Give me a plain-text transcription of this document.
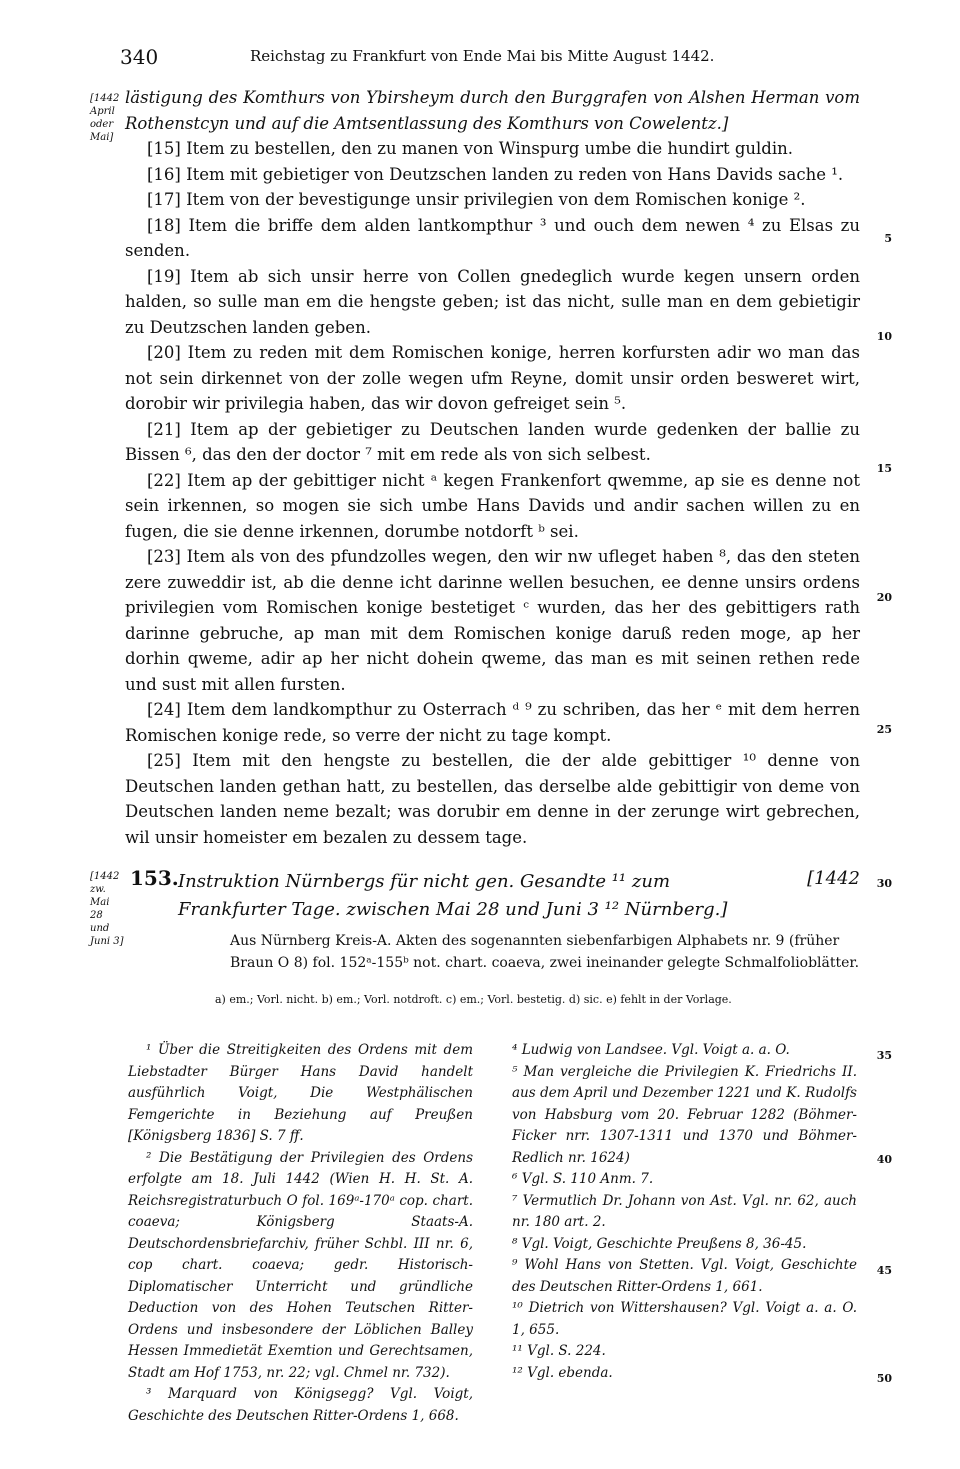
340	Reichstag zu Frankfurt von Ende Mai bis Mitte August 1442.
[1442 April oder Mai]
[1442 zw. Mai 28 und Juni 3]

lästigung des Komthurs von Ybirsheym durch den Burggrafen von Alshen Herman vom Rothenstcyn und auf die Amtsentlassung des Komthurs von Cowelentz.]

[15] Item zu bestellen, den zu manen von Winspurg umbe die hundirt guldin.

[16] Item mit gebietiger von Deutzschen landen zu reden von Hans Davids sache ¹.

[17] Item von der bevestigunge unsir privilegien von dem Romischen konige ².

[18] Item die briffe dem alden lantkompthur ³ und ouch dem newen ⁴ zu Elsas zu senden.

[19] Item ab sich unsir herre von Collen gnedeglich wurde kegen unsern orden halden, so sulle man em die hengste geben; ist das nicht, sulle man en dem gebietigir zu Deutzschen landen geben.

[20] Item zu reden mit dem Romischen konige, herren korfursten adir wo man das not sein dirkennet von der zolle wegen ufm Reyne, domit unsir orden besweret wirt, dorobir wir privilegia haben, das wir dovon gefreiget sein ⁵.

[21] Item ap der gebietiger zu Deutschen landen wurde gedenken der ballie zu Bissen ⁶, das den der doctor ⁷ mit em rede als von sich selbest.

[22] Item ap der gebittiger nicht ᵃ kegen Frankenfort qwemme, ap sie es denne not sein irkennen, so mogen sie sich umbe Hans Davids und andir sachen willen zu en fugen, die sie denne irkennen, dorumbe notdorft ᵇ sei.

[23] Item als von des pfundzolles wegen, den wir nw ufleget haben ⁸, das den steten zere zuweddir ist, ab die denne icht darinne wellen besuchen, ee denne unsirs ordens privilegien vom Romischen konige bestetiget ᶜ wurden, das her des gebittigers rath darinne gebruche, ap man mit dem Romischen konige daruß reden moge, ap her dorhin qweme, adir ap her nicht dohein qweme, das man es mit seinen rethen rede und sust mit allen fursten.

[24] Item dem landkompthur zu Osterrach ᵈ ⁹ zu schriben, das her ᵉ mit dem herren Romischen konige rede, so verre der nicht zu tage kompt.

[25] Item mit den hengste zu bestellen, die der alde gebittiger ¹⁰ denne von Deutschen landen gethan hatt, zu bestellen, das derselbe alde gebittigir von deme von Deutschen landen neme bezalt; was dorubir em denne in der zerunge wirt gebrechen, wil unsir homeister em bezalen zu dessem tage.

5
10
15
20
25
30
35
40
45
50
153. Instruktion Nürnbergs für nicht gen. Gesandte ¹¹ zum Frankfurter Tage. zwischen Mai 28 und Juni 3 ¹² Nürnberg.]
[1442
Aus Nürnberg Kreis-A. Akten des sogenannten siebenfarbigen Alphabets nr. 9 (früher Braun O 8) fol. 152ᵃ-155ᵇ not. chart. coaeva, zwei ineinander gelegte Schmalfolioblätter.
a) em.; Vorl. nicht. b) em.; Vorl. notdroft. c) em.; Vorl. bestetig. d) sic. e) fehlt in der Vorlage.

¹ Über die Streitigkeiten des Ordens mit dem Liebstadter Bürger Hans David handelt ausführlich Voigt, Die Westphälischen Femgerichte in Beziehung auf Preußen [Königsberg 1836] S. 7 ff.

² Die Bestätigung der Privilegien des Ordens erfolgte am 18. Juli 1442 (Wien H. H. St. A. Reichsregistraturbuch O fol. 169ᵃ-170ᵃ cop. chart. coaeva; Königsberg Staats-A. Deutschordensbriefarchiv, früher Schbl. III nr. 6, cop chart. coaeva; gedr. Historisch-Diplomatischer Unterricht und gründliche Deduction von des Hohen Teutschen Ritter-Ordens und insbesondere der Löblichen Balley Hessen Immedietät Exemtion und Gerechtsamen, Stadt am Hof 1753, nr. 22; vgl. Chmel nr. 732).

³ Marquard von Königsegg? Vgl. Voigt, Geschichte des Deutschen Ritter-Ordens 1, 668.

⁴ Ludwig von Landsee. Vgl. Voigt a. a. O.

⁵ Man vergleiche die Privilegien K. Friedrichs II. aus dem April und Dezember 1221 und K. Rudolfs von Habsburg vom 20. Februar 1282 (Böhmer-Ficker nrr. 1307-1311 und 1370 und Böhmer-Redlich nr. 1624)

⁶ Vgl. S. 110 Anm. 7.

⁷ Vermutlich Dr. Johann von Ast. Vgl. nr. 62, auch nr. 180 art. 2.

⁸ Vgl. Voigt, Geschichte Preußens 8, 36-45.

⁹ Wohl Hans von Stetten. Vgl. Voigt, Geschichte des Deutschen Ritter-Ordens 1, 661.

¹⁰ Dietrich von Wittershausen? Vgl. Voigt a. a. O. 1, 655.

¹¹ Vgl. S. 224.

¹² Vgl. ebenda.
